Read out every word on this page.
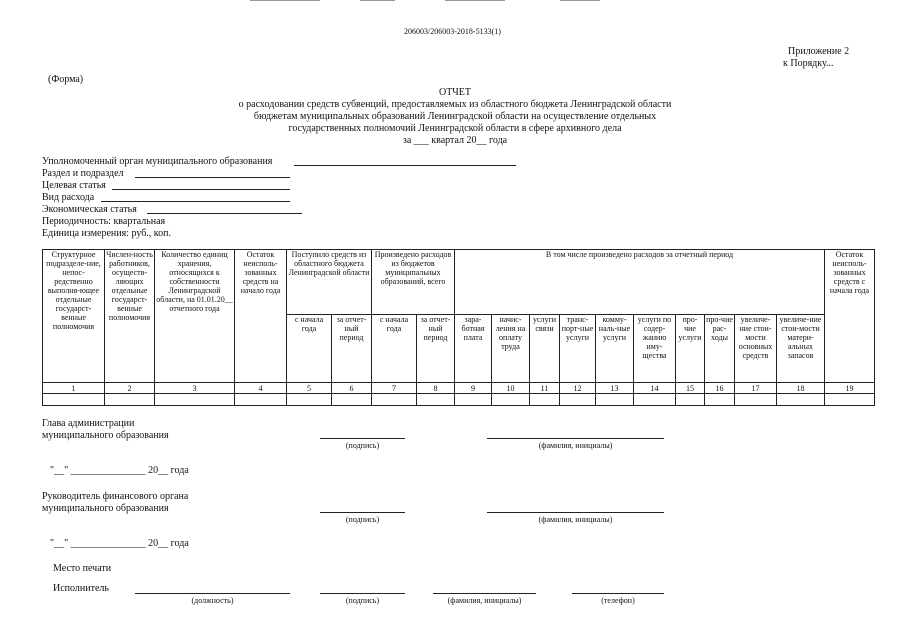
206003/206003-2018-5133(1)
Приложение 2
к Порядку...
(Форма)
ОТЧЕТ
о расходовании средств субвенций, предоставляемых из областного бюджета Ленинградской области
бюджетам муниципальных образований Ленинградской области на осуществление отдельных
государственных полномочий Ленинградской области в сфере архивного дела
за ___ квартал 20__ года
Уполномоченный орган муниципального образования
Раздел и подраздел
Целевая статья
Вид расхода
Экономическая статья
Периодичность: квартальная
Единица измерения: руб., коп.
Структурное подразделе-ние, непос-редственно выполня-ющее отдельные государст-венные полномочия	Числен-ность работников, осуществ-ляющих отдельные государст-венные полномочия	Количество единиц хранения, относящихся к собственности Ленинградской области, на 01.01.20__ отчетного года	Остаток неисполь-зованных средств на начало года	Поступило средств из областного бюджета Ленинградской области		Произведено расходов из бюджетов муниципальных образований, всего		В том числе произведено расходов за отчетный период										Остаток неисполь-зованных средств с начала года
				с начала года	за отчет-ный период	с начала года	за отчет-ный период	зара-ботная плата	начис-ления на оплату труда	услуги связи	транс-порт-ные услуги	комму-наль-ные услуги	услуги по содер-жанию иму-щества	про-чие услуги	про-чие рас-ходы	увеличе-ние стои-мости основных средств	увеличе-ние стои-мости матери-альных запасов	
1	2	3	4	5	6	7	8	9	10	11	12	13	14	15	16	17	18	19

Глава администрации
муниципального образования
(подпись)	(фамилия, инициалы)
"__" _______________ 20__ года
Руководитель финансового органа
муниципального образования
(подпись)	(фамилия, инициалы)
"__" _______________ 20__ года
Место печати
Исполнитель
(должность)	(подпись)	(фамилия, инициалы)	(телефон)
